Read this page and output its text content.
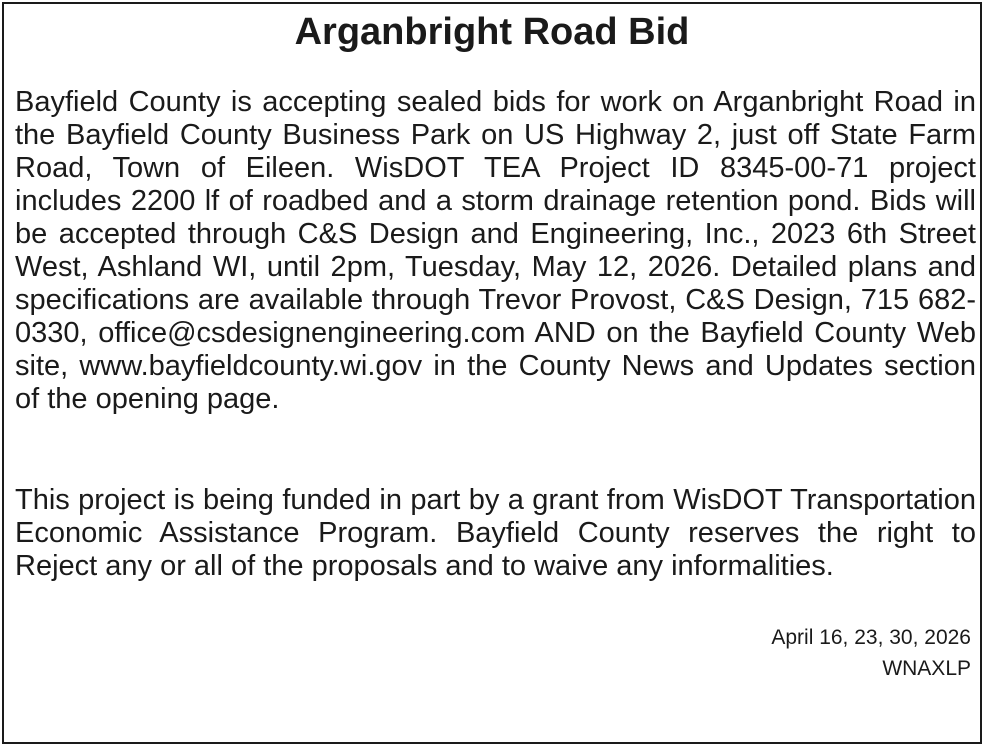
Arganbright Road Bid

Bayfield County is accepting sealed bids for work on Arganbright Road in the Bayfield County Business Park on US Highway 2, just off State Farm Road, Town of Eileen. WisDOT TEA Project ID 8345-00-71 project includes 2200 lf of roadbed and a storm drainage retention pond. Bids will be accepted through C&S Design and Engineering, Inc., 2023 6th Street West, Ashland WI, until 2pm, Tuesday, May 12, 2026. Detailed plans and specifications are available through Trevor Provost, C&S Design, 715 682-0330, office@csdesignengineering.com AND on the Bayfield County Web site, www.bayfieldcounty.wi.gov in the County News and Updates section of the opening page.

This project is being funded in part by a grant from WisDOT Transportation Economic Assistance Program. Bayfield County reserves the right to Reject any or all of the proposals and to waive any informalities.

April 16, 23, 30, 2026

WNAXLP
